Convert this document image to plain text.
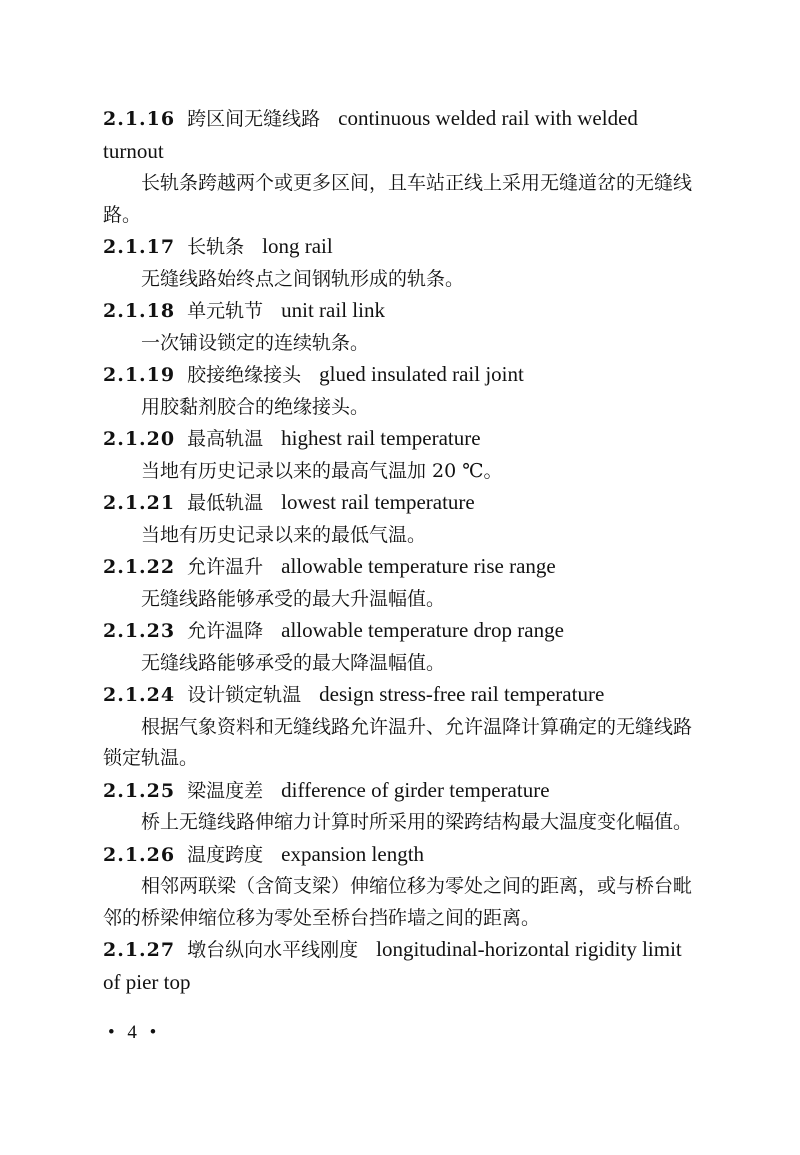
2.1.16 跨区间无缝线路 continuous welded rail with welded turnout

长轨条跨越两个或更多区间，且车站正线上采用无缝道岔的无缝线路。

2.1.17 长轨条 long rail

无缝线路始终点之间钢轨形成的轨条。

2.1.18 单元轨节 unit rail link

一次铺设锁定的连续轨条。

2.1.19 胶接绝缘接头 glued insulated rail joint

用胶黏剂胶合的绝缘接头。

2.1.20 最高轨温 highest rail temperature

当地有历史记录以来的最高气温加 20 ℃。

2.1.21 最低轨温 lowest rail temperature

当地有历史记录以来的最低气温。

2.1.22 允许温升 allowable temperature rise range

无缝线路能够承受的最大升温幅值。

2.1.23 允许温降 allowable temperature drop range

无缝线路能够承受的最大降温幅值。

2.1.24 设计锁定轨温 design stress-free rail temperature

根据气象资料和无缝线路允许温升、允许温降计算确定的无缝线路锁定轨温。

2.1.25 梁温度差 difference of girder temperature

桥上无缝线路伸缩力计算时所采用的梁跨结构最大温度变化幅值。

2.1.26 温度跨度 expansion length

相邻两联梁（含简支梁）伸缩位移为零处之间的距离，或与桥台毗邻的桥梁伸缩位移为零处至桥台挡砟墙之间的距离。

2.1.27 墩台纵向水平线刚度 longitudinal-horizontal rigidity limit of pier top

• 4 •
